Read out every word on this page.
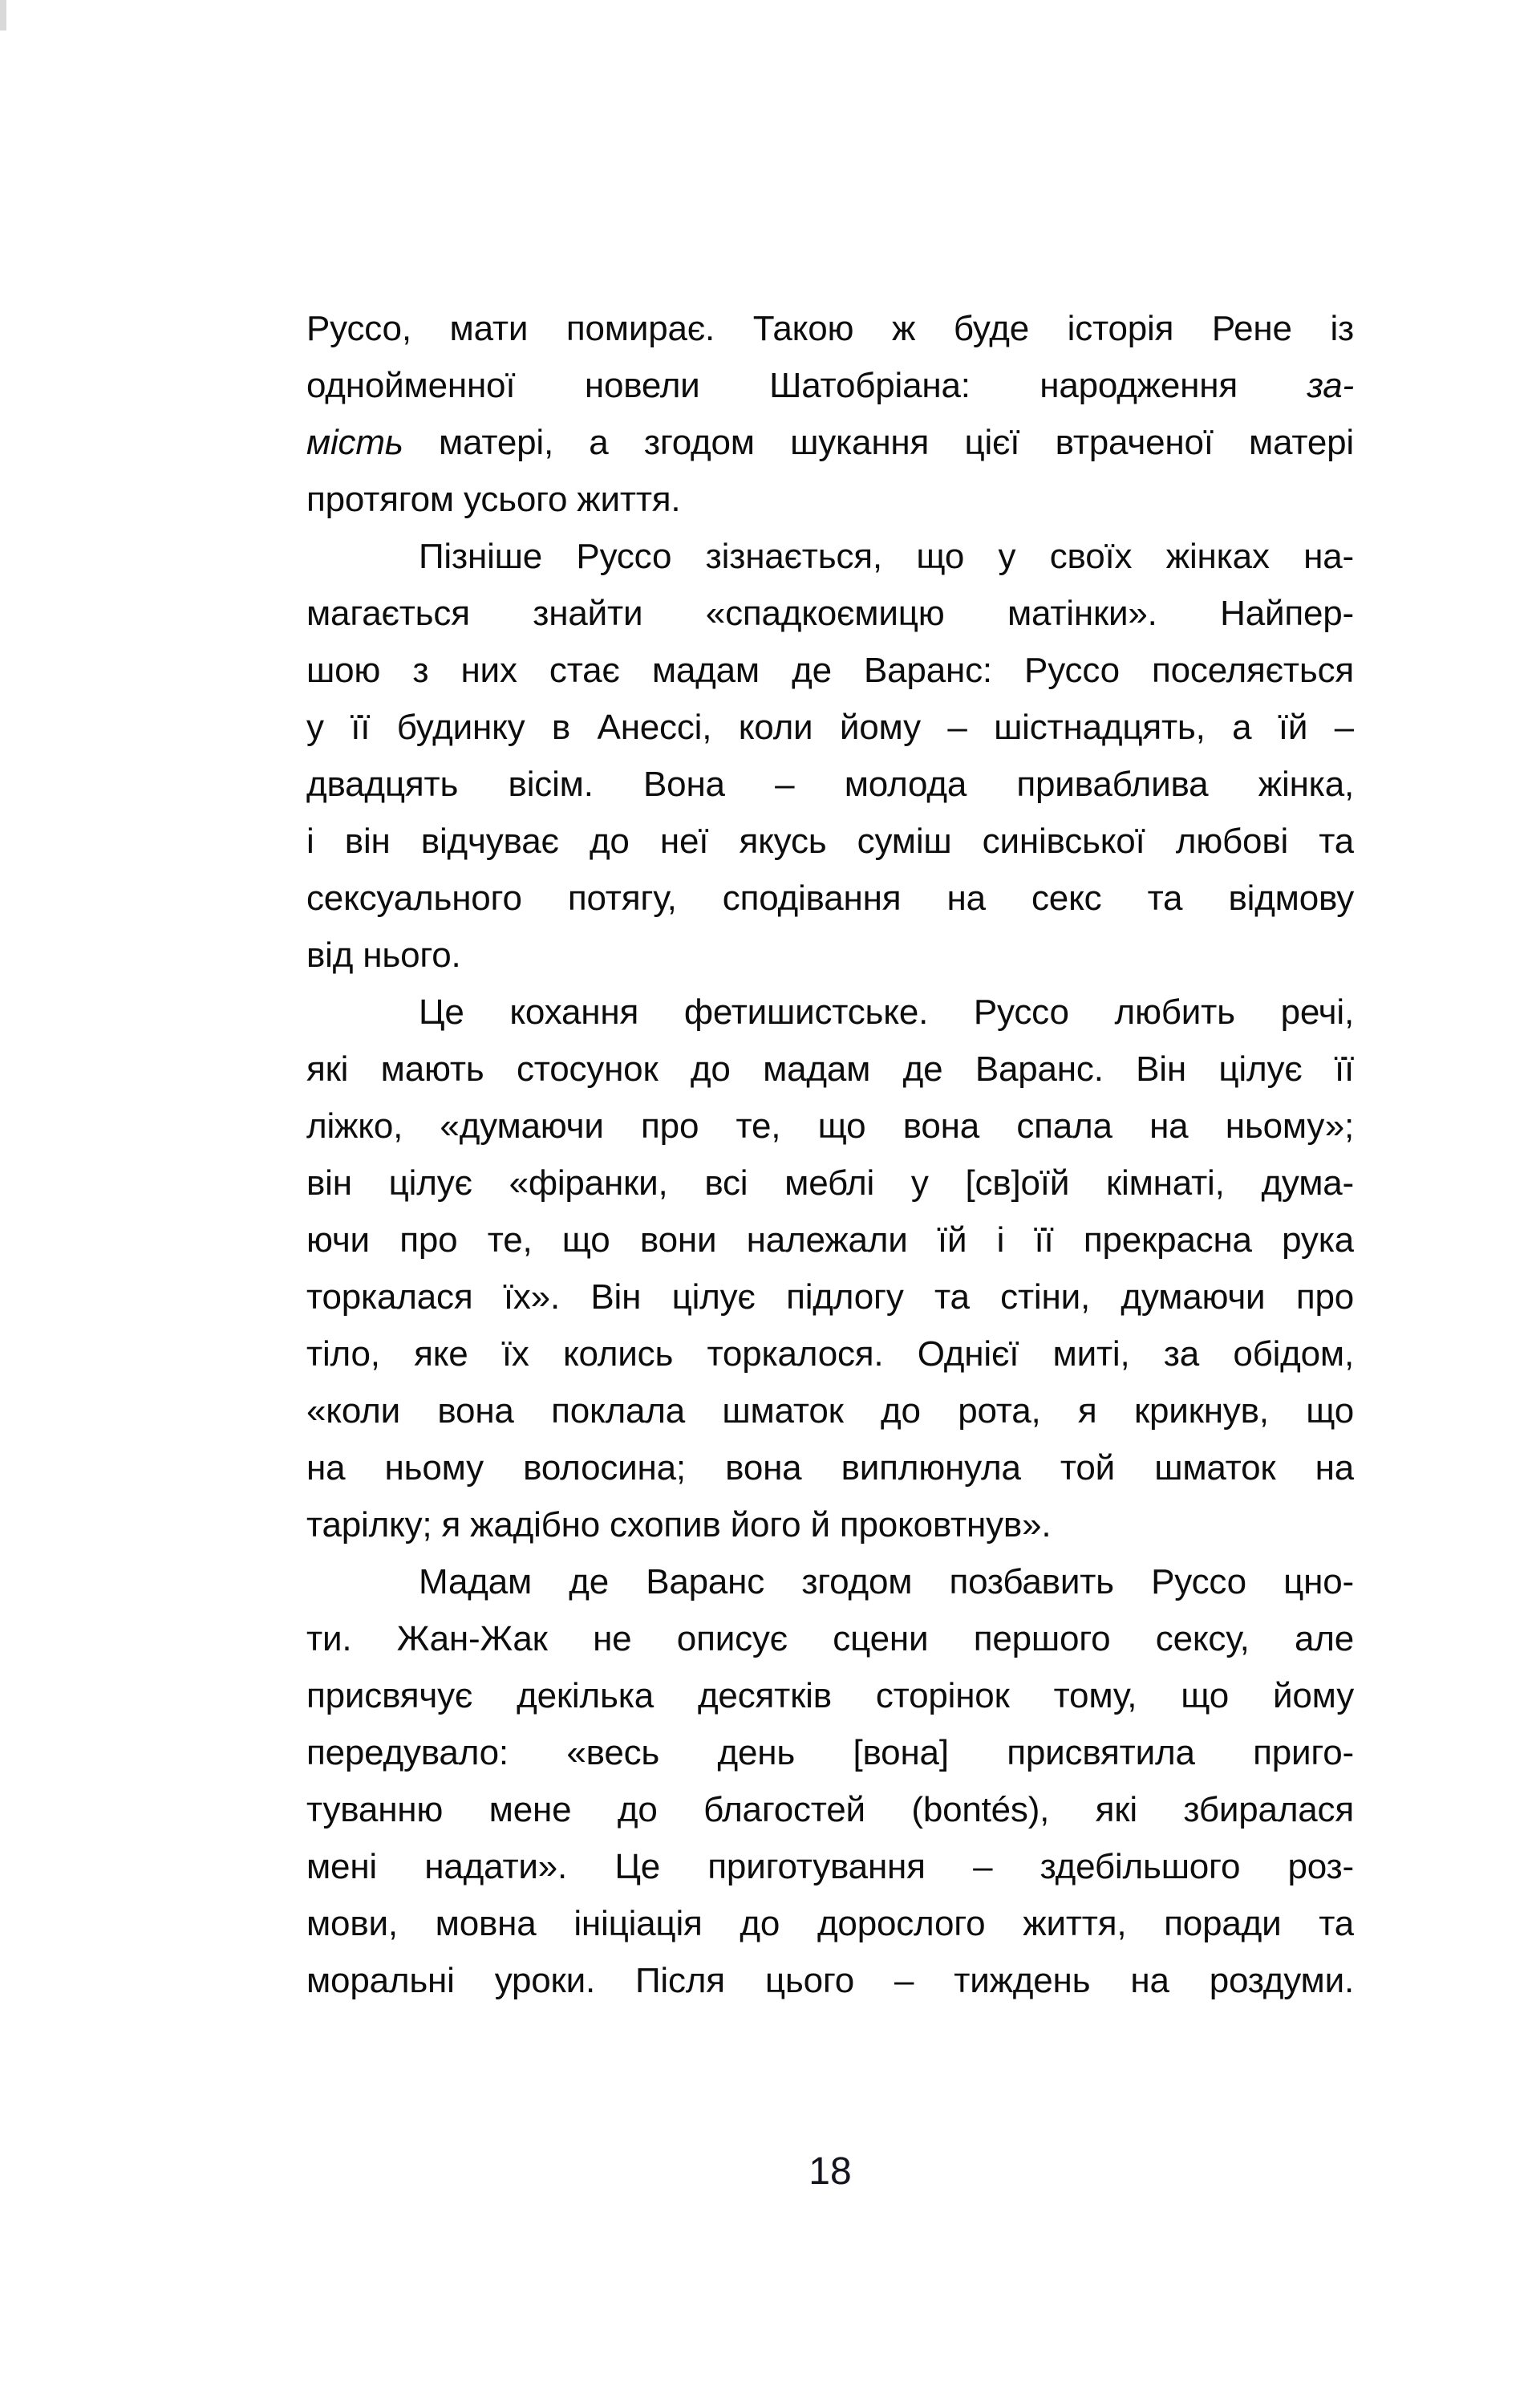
Руссо, мати помирає. Такою ж буде історія Рене із
однойменної новели Шатобріана: народження за-
мість матері, а згодом шукання цієї втраченої матері
протягом усього життя.
Пізніше Руссо зізнається, що у своїх жінках на-
магається знайти «спадкоємицю матінки». Найпер-
шою з них стає мадам де Варанс: Руссо поселяється
у її будинку в Анессі, коли йому – шістнадцять, а їй –
двадцять вісім. Вона – молода приваблива жінка,
і він відчуває до неї якусь суміш синівської любові та
сексуального потягу, сподівання на секс та відмову
від нього.
Це кохання фетишистське. Руссо любить речі,
які мають стосунок до мадам де Варанс. Він цілує її
ліжко, «думаючи про те, що вона спала на ньому»;
він цілує «фіранки, всі меблі у [св]оїй кімнаті, дума-
ючи про те, що вони належали їй і її прекрасна рука
торкалася їх». Він цілує підлогу та стіни, думаючи про
тіло, яке їх колись торкалося. Однієї миті, за обідом,
«коли вона поклала шматок до рота, я крикнув, що
на ньому волосина; вона виплюнула той шматок на
тарілку; я жадібно схопив його й проковтнув».
Мадам де Варанс згодом позбавить Руссо цно-
ти. Жан-Жак не описує сцени першого сексу, але
присвячує декілька десятків сторінок тому, що йому
передувало: «весь день [вона] присвятила приго-
туванню мене до благостей (bontés), які збиралася
мені надати». Це приготування – здебільшого роз-
мови, мовна ініціація до дорослого життя, поради та
моральні уроки. Після цього – тиждень на роздуми.
18
